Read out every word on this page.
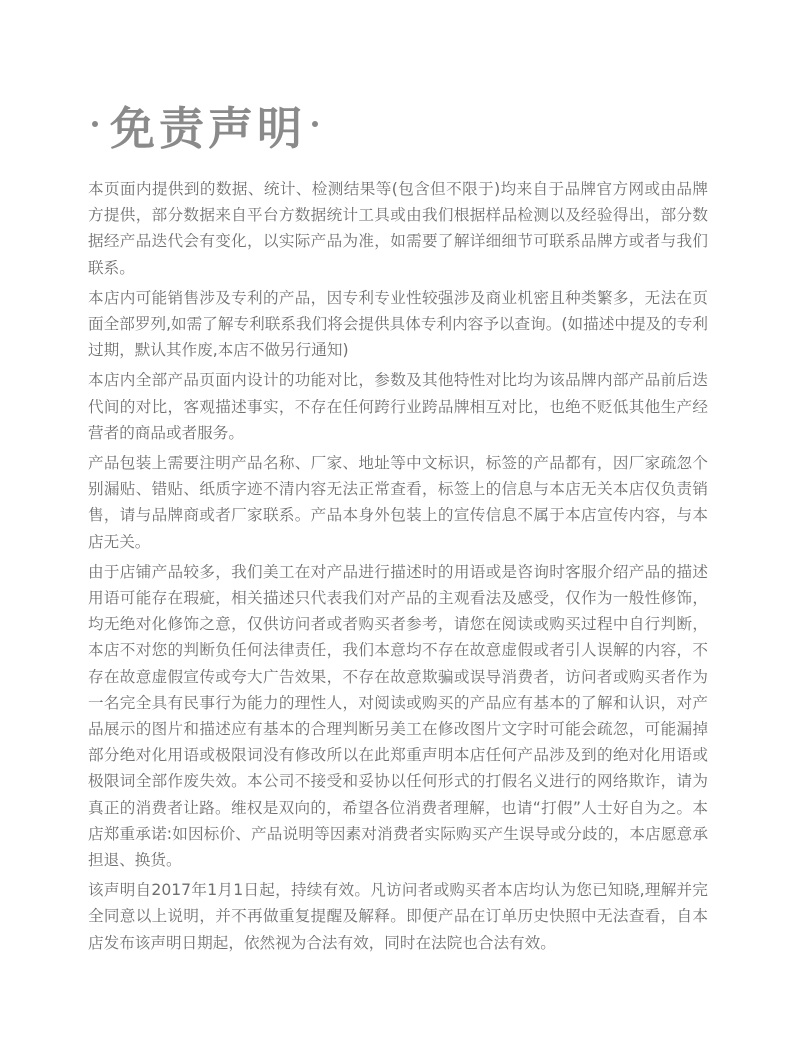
免责声明

本页面内提供到的数据、统计、检测结果等(包含但不限于)均来自于品牌官方网或由品牌方提供，部分数据来自平台方数据统计工具或由我们根据样品检测以及经验得出，部分数据经产品迭代会有变化，以实际产品为准，如需要了解详细细节可联系品牌方或者与我们联系。

本店内可能销售涉及专利的产品，因专利专业性较强涉及商业机密且种类繁多，无法在页面全部罗列,如需了解专利联系我们将会提供具体专利内容予以查询。(如描述中提及的专利过期，默认其作废,本店不做另行通知)

本店内全部产品页面内设计的功能对比，参数及其他特性对比均为该品牌内部产品前后迭代间的对比，客观描述事实，不存在任何跨行业跨品牌相互对比，也绝不贬低其他生产经营者的商品或者服务。

产品包装上需要注明产品名称、厂家、地址等中文标识，标签的产品都有，因厂家疏忽个别漏贴、错贴、纸质字迹不清内容无法正常查看，标签上的信息与本店无关本店仅负责销售，请与品牌商或者厂家联系。产品本身外包装上的宣传信息不属于本店宣传内容，与本店无关。

由于店铺产品较多，我们美工在对产品进行描述时的用语或是咨询时客服介绍产品的描述用语可能存在瑕疵，相关描述只代表我们对产品的主观看法及感受，仅作为一般性修饰，均无绝对化修饰之意，仅供访问者或者购买者参考，请您在阅读或购买过程中自行判断，本店不对您的判断负任何法律责任，我们本意均不存在故意虚假或者引人误解的内容，不存在故意虚假宣传或夸大广告效果，不存在故意欺骗或误导消费者，访问者或购买者作为一名完全具有民事行为能力的理性人，对阅读或购买的产品应有基本的了解和认识，对产品展示的图片和描述应有基本的合理判断另美工在修改图片文字时可能会疏忽，可能漏掉部分绝对化用语或极限词没有修改所以在此郑重声明本店任何产品涉及到的绝对化用语或极限词全部作废失效。本公司不接受和妥协以任何形式的打假名义进行的网络欺诈，请为真正的消费者让路。维权是双向的，希望各位消费者理解，也请“打假”人士好自为之。本店郑重承诺:如因标价、产品说明等因素对消费者实际购买产生误导或分歧的，本店愿意承担退、换货。

该声明自2017年1月1日起，持续有效。凡访问者或购买者本店均认为您已知晓,理解并完全同意以上说明，并不再做重复提醒及解释。即便产品在订单历史快照中无法查看，自本店发布该声明日期起，依然视为合法有效，同时在法院也合法有效。
